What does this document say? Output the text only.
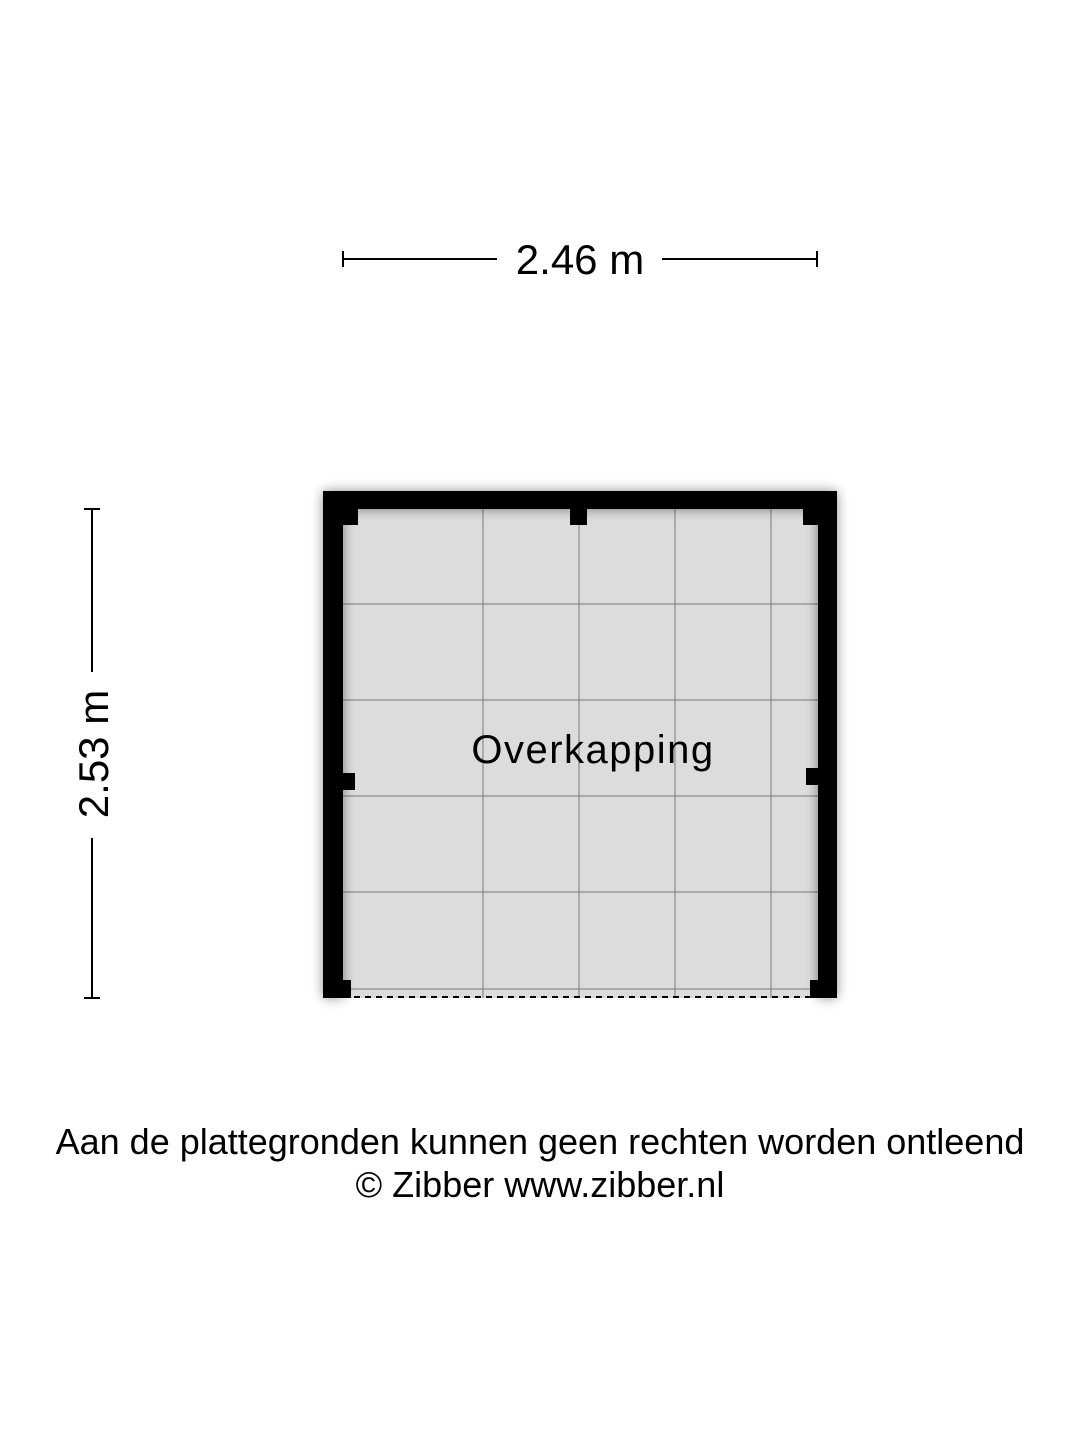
2.46 m
2.53 m	Overkapping
Aan de plattegronden kunnen geen rechten worden ontleend
© Zibber www.zibber.nl
